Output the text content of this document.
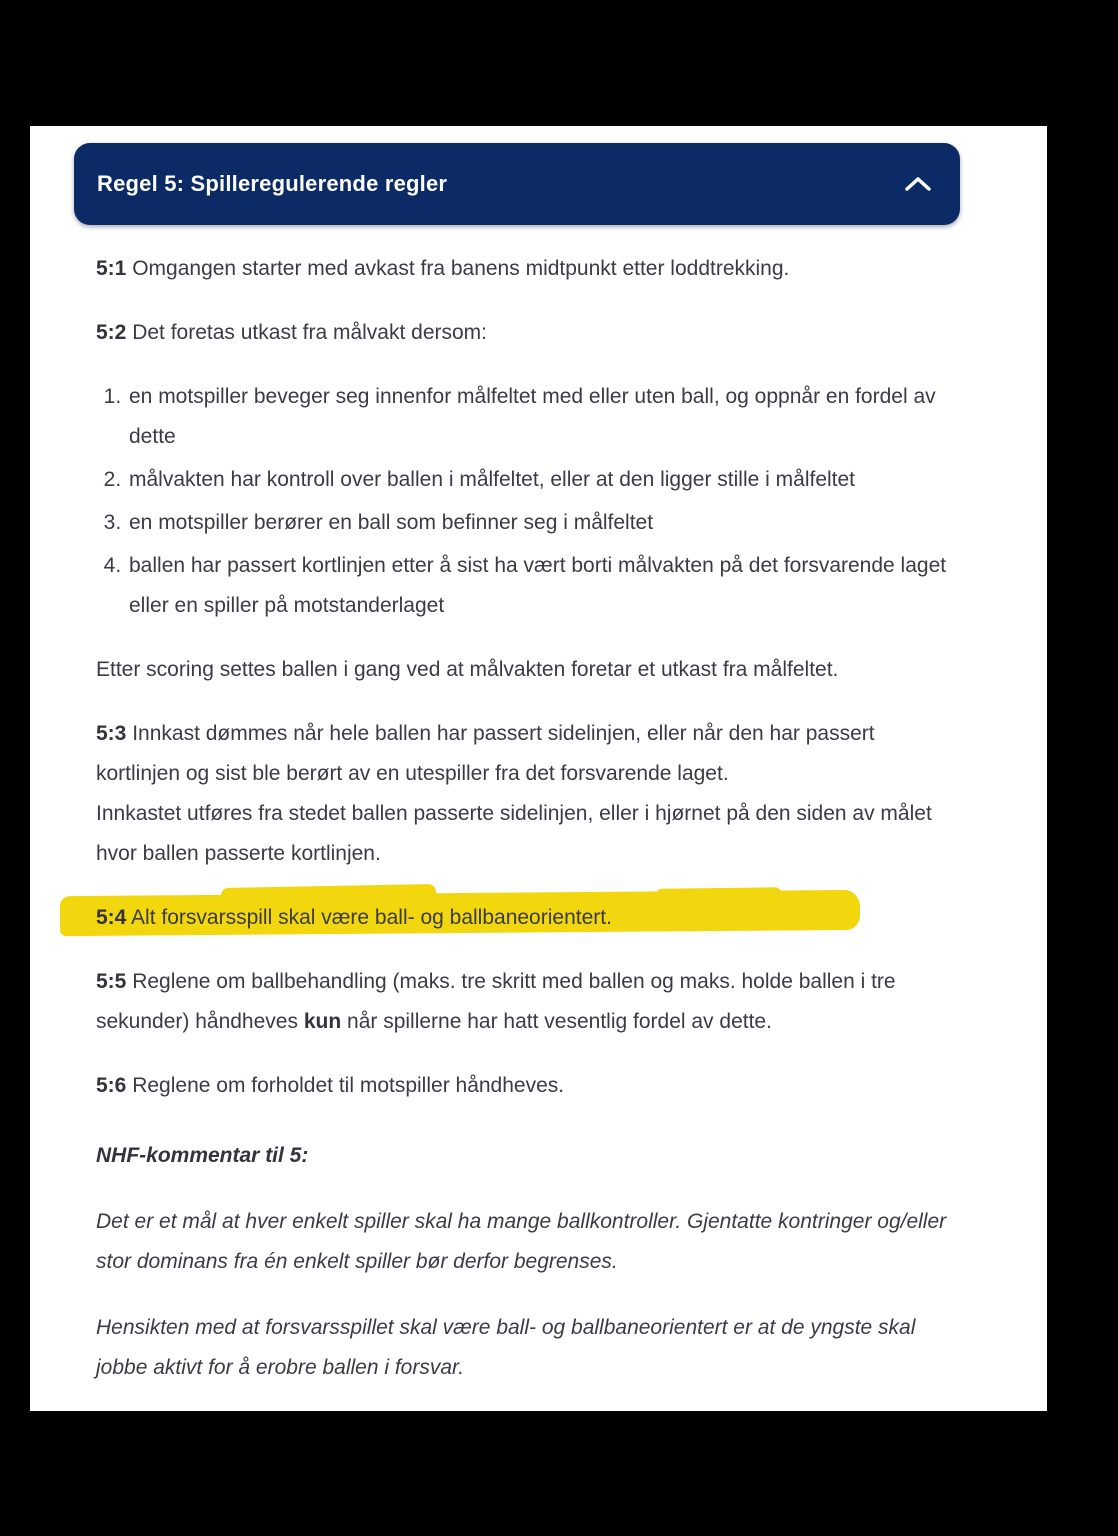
Regel 5: Spilleregulerende regler

5:1 Omgangen starter med avkast fra banens midtpunkt etter loddtrekking.

5:2 Det foretas utkast fra målvakt dersom:

1. en motspiller beveger seg innenfor målfeltet med eller uten ball, og oppnår en fordel av dette
2. målvakten har kontroll over ballen i målfeltet, eller at den ligger stille i målfeltet
3. en motspiller berører en ball som befinner seg i målfeltet
4. ballen har passert kortlinjen etter å sist ha vært borti målvakten på det forsvarende laget eller en spiller på motstanderlaget

Etter scoring settes ballen i gang ved at målvakten foretar et utkast fra målfeltet.

5:3 Innkast dømmes når hele ballen har passert sidelinjen, eller når den har passert kortlinjen og sist ble berørt av en utespiller fra det forsvarende laget.
Innkastet utføres fra stedet ballen passerte sidelinjen, eller i hjørnet på den siden av målet hvor ballen passerte kortlinjen.

5:4 Alt forsvarsspill skal være ball- og ballbaneorientert.

5:5 Reglene om ballbehandling (maks. tre skritt med ballen og maks. holde ballen i tre sekunder) håndheves kun når spillerne har hatt vesentlig fordel av dette.

5:6 Reglene om forholdet til motspiller håndheves.

NHF-kommentar til 5:

Det er et mål at hver enkelt spiller skal ha mange ballkontroller. Gjentatte kontringer og/eller stor dominans fra én enkelt spiller bør derfor begrenses.

Hensikten med at forsvarsspillet skal være ball- og ballbaneorientert er at de yngste skal jobbe aktivt for å erobre ballen i forsvar.
